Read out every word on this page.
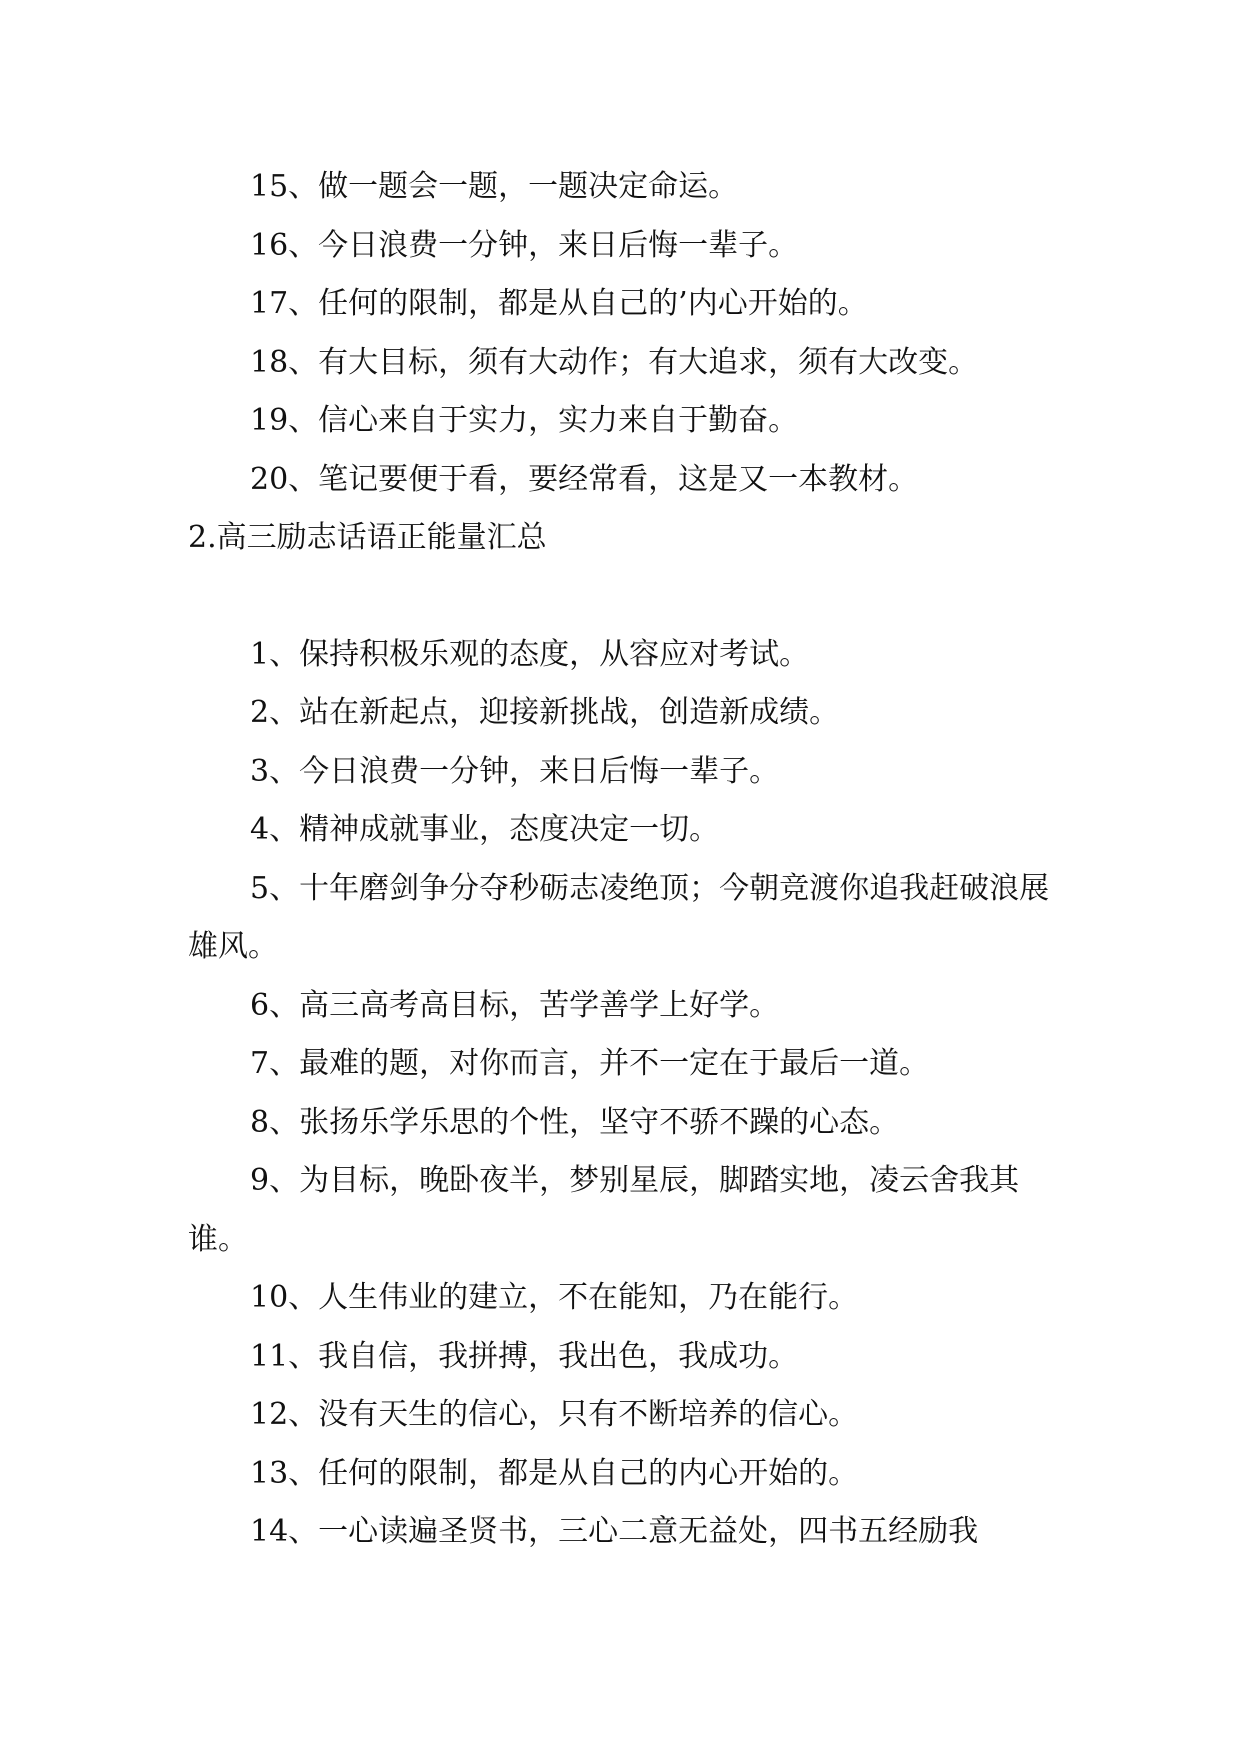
15、做一题会一题，一题决定命运。

16、今日浪费一分钟，来日后悔一辈子。

17、任何的限制，都是从自己的’内心开始的。

18、有大目标，须有大动作；有大追求，须有大改变。

19、信心来自于实力，实力来自于勤奋。

20、笔记要便于看，要经常看，这是又一本教材。

2.高三励志话语正能量汇总

1、保持积极乐观的态度，从容应对考试。

2、站在新起点，迎接新挑战，创造新成绩。

3、今日浪费一分钟，来日后悔一辈子。

4、精神成就事业，态度决定一切。

5、十年磨剑争分夺秒砺志凌绝顶；今朝竞渡你追我赶破浪展雄风。

6、高三高考高目标，苦学善学上好学。

7、最难的题，对你而言，并不一定在于最后一道。

8、张扬乐学乐思的个性，坚守不骄不躁的心态。

9、为目标，晚卧夜半，梦别星辰，脚踏实地，凌云舍我其谁。

10、人生伟业的建立，不在能知，乃在能行。

11、我自信，我拼搏，我出色，我成功。

12、没有天生的信心，只有不断培养的信心。

13、任何的限制，都是从自己的内心开始的。

14、一心读遍圣贤书，三心二意无益处，四书五经励我
